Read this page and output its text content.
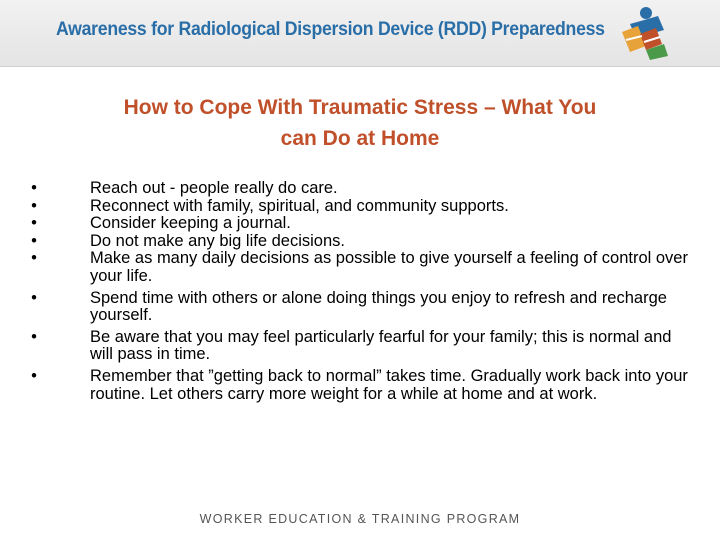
Awareness for Radiological Dispersion Device (RDD) Preparedness
How to Cope With Traumatic Stress – What You
can Do at Home
•	Reach out - people really do care.
•	Reconnect with family, spiritual, and community supports.
•	Consider keeping a journal.
•	Do not make any big life decisions.
•	Make as many daily decisions as possible to give yourself a feeling of control over your life.
•	Spend time with others or alone doing things you enjoy to refresh and recharge yourself.
•	Be aware that you may feel particularly fearful for your family; this is normal and will pass in time.
•	Remember that ”getting back to normal” takes time. Gradually work back into your routine. Let others carry more weight for a while at home and at work.
WORKER EDUCATION & TRAINING PROGRAM
